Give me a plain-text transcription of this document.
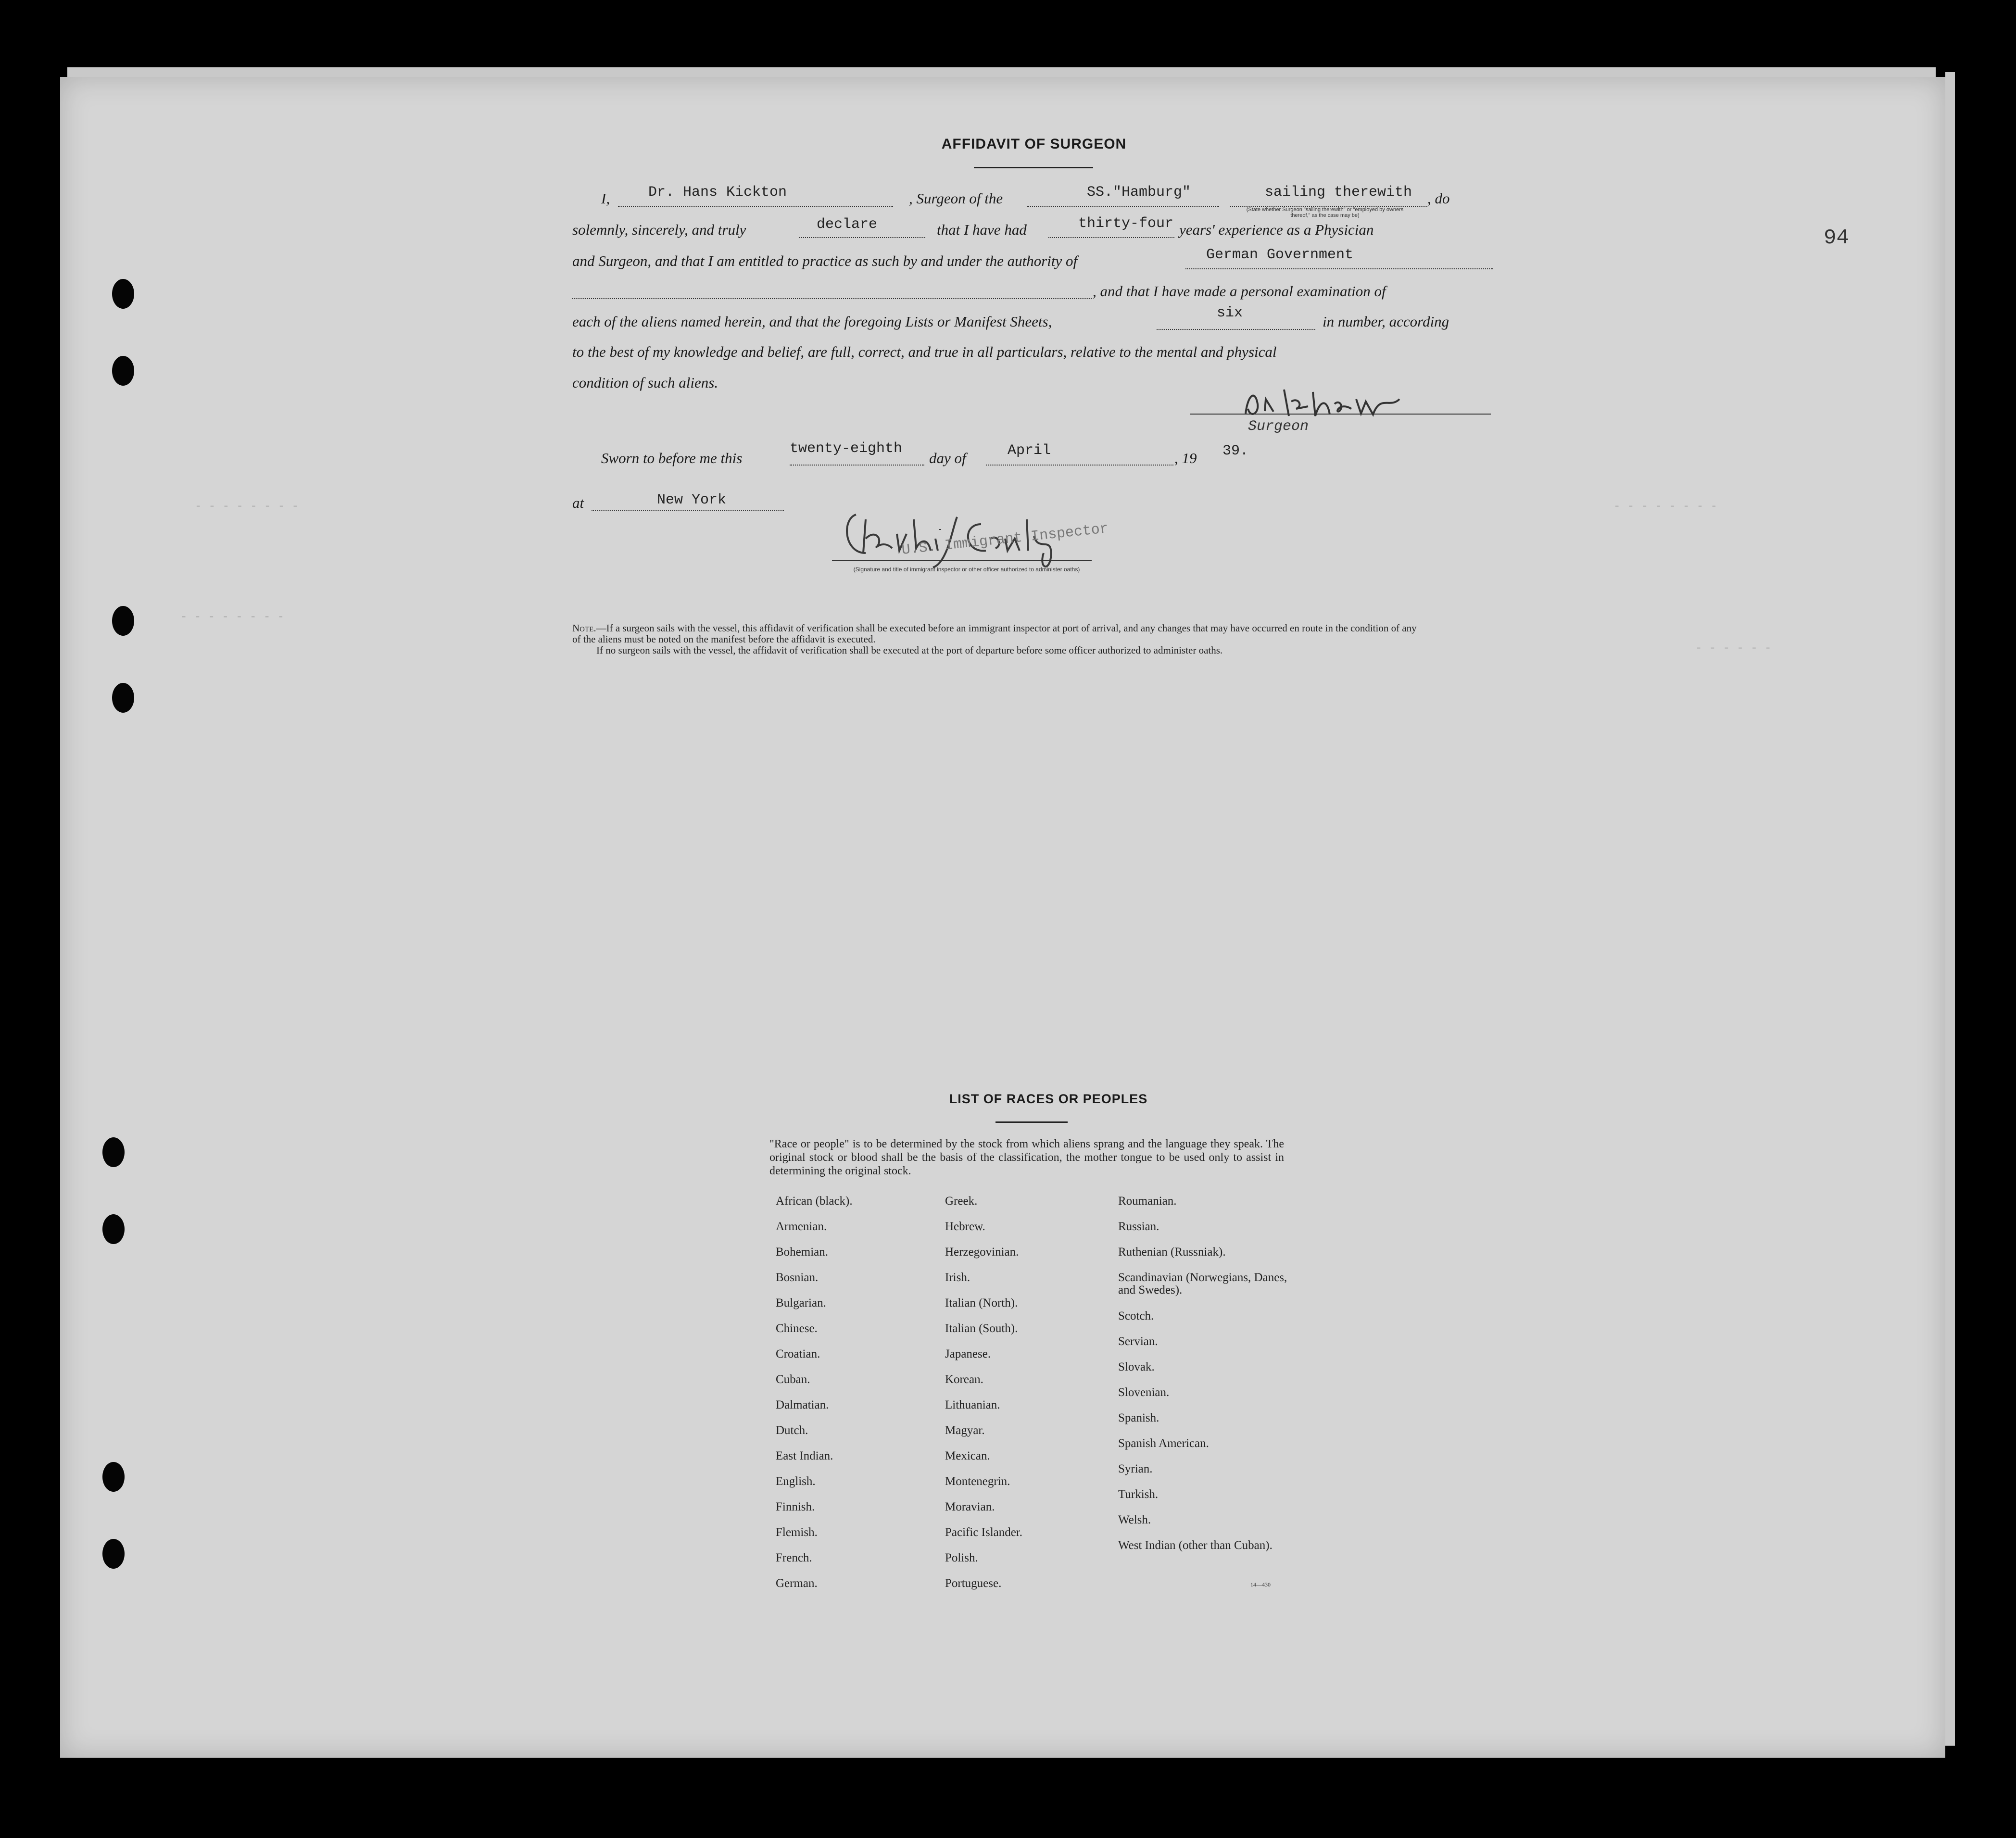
- - - - - - - -	- - - - - - - -
- - - - - - - -
- - - - - -
94
AFFIDAVIT OF SURGEON
I,	Dr. Hans Kickton	, Surgeon of the	SS."Hamburg"	sailing therewith , do
(State whether Surgeon "sailing therewith" or "employed by owners thereof," as the case may be)
solemnly, sincerely, and truly	declare	that I have had	thirty-four years' experience as a Physician
and Surgeon, and that I am entitled to practice as such by and under the authority of	German Government
, and that I have made a personal examination of
each of the aliens named herein, and that the foregoing Lists or Manifest Sheets,	six	in number, according
to the best of my knowledge and belief, are full, correct, and true in all particulars, relative to the mental and physical
condition of such aliens.
Surgeon
Sworn to before me this
twenty-eighth
day of	April	, 19 39.
at	New York
U.S. Immigrant Inspector
(Signature and title of immigrant inspector or other officer authorized to administer oaths)
Note.—If a surgeon sails with the vessel, this affidavit of verification shall be executed before an immigrant inspector at port of arrival, and any changes that may have occurred en route in the condition of any of the aliens must be noted on the manifest before the affidavit is executed.
If no surgeon sails with the vessel, the affidavit of verification shall be executed at the port of departure before some officer authorized to administer oaths.
LIST OF RACES OR PEOPLES
"Race or people" is to be determined by the stock from which aliens sprang and the language they speak. The original stock or blood shall be the basis of the classification, the mother tongue to be used only to assist in determining the original stock.
African (black).
Armenian.
Bohemian.
Bosnian.
Bulgarian.
Chinese.
Croatian.
Cuban.
Dalmatian.
Dutch.
East Indian.
English.
Finnish.
Flemish.
French.
German.
Greek.
Hebrew.
Herzegovinian.
Irish.
Italian (North).
Italian (South).
Japanese.
Korean.
Lithuanian.
Magyar.
Mexican.
Montenegrin.
Moravian.
Pacific Islander.
Polish.
Portuguese.
Roumanian.
Russian.
Ruthenian (Russniak).
Scandinavian (Norwegians, Danes, and Swedes).
Scotch.
Servian.
Slovak.
Slovenian.
Spanish.
Spanish American.
Syrian.
Turkish.
Welsh.
West Indian (other than Cuban).
14—430
